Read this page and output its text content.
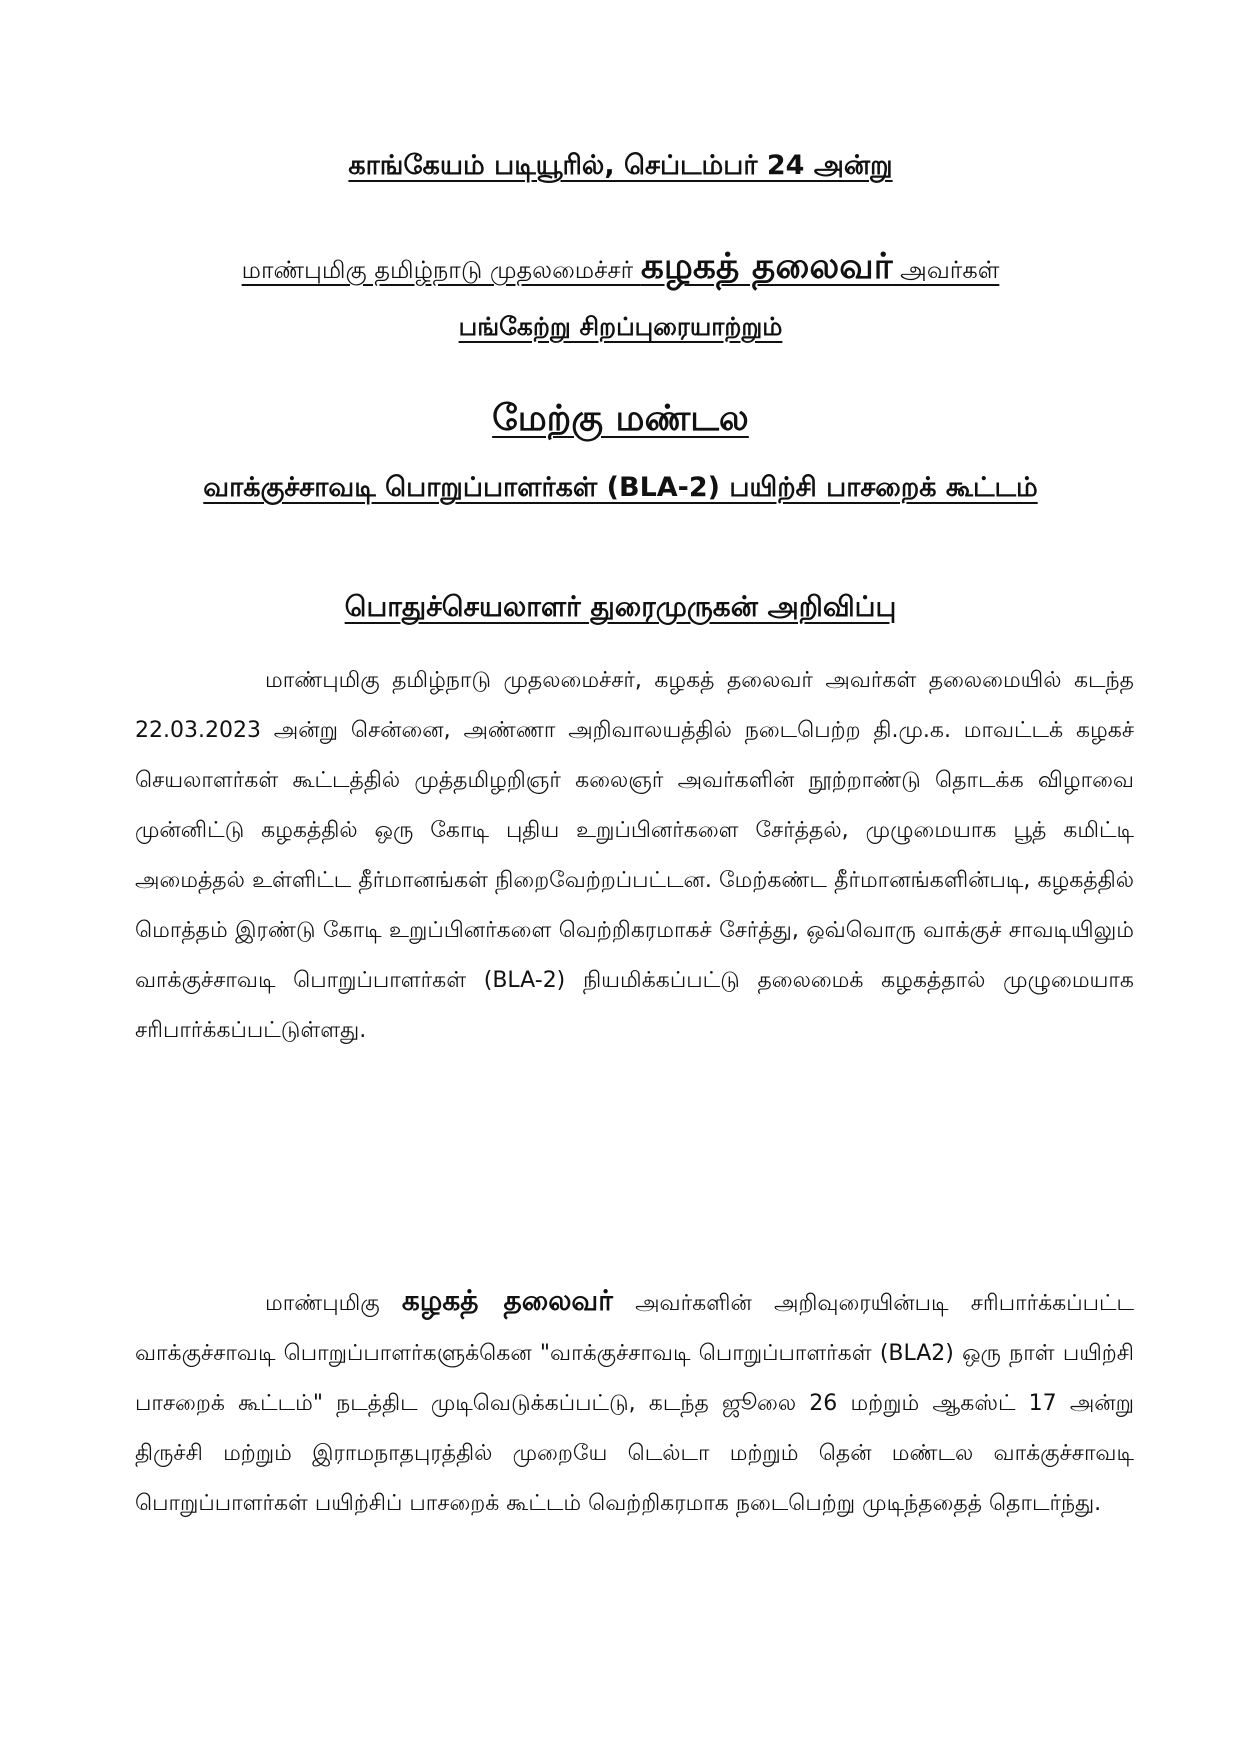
காங்கேயம் படியூரில், செப்டம்பர் 24 அன்று

மாண்புமிகு தமிழ்நாடு முதலமைச்சர் கழகத் தலைவர் அவர்கள்

பங்கேற்று சிறப்புரையாற்றும்

மேற்கு மண்டல

வாக்குச்சாவடி பொறுப்பாளர்கள் (BLA-2) பயிற்சி பாசறைக் கூட்டம்

பொதுச்செயலாளர் துரைமுருகன் அறிவிப்பு

மாண்புமிகு தமிழ்நாடு முதலமைச்சர், கழகத் தலைவர் அவர்கள் தலைமையில் கடந்த 22.03.2023 அன்று சென்னை, அண்ணா அறிவாலயத்தில் நடைபெற்ற தி.மு.க. மாவட்டக் கழகச் செயலாளர்கள் கூட்டத்தில் முத்தமிழறிஞர் கலைஞர் அவர்களின் நூற்றாண்டு தொடக்க விழாவை முன்னிட்டு கழகத்தில் ஒரு கோடி புதிய உறுப்பினர்களை சேர்த்தல், முழுமையாக பூத் கமிட்டி அமைத்தல் உள்ளிட்ட தீர்மானங்கள் நிறைவேற்றப்பட்டன. மேற்கண்ட தீர்மானங்களின்படி, கழகத்தில் மொத்தம் இரண்டு கோடி உறுப்பினர்களை வெற்றிகரமாகச் சேர்த்து, ஒவ்வொரு வாக்குச் சாவடியிலும் வாக்குச்சாவடி பொறுப்பாளர்கள் (BLA-2) நியமிக்கப்பட்டு தலைமைக் கழகத்தால் முழுமையாக சரிபார்க்கப்பட்டுள்ளது.

மாண்புமிகு கழகத் தலைவர் அவர்களின் அறிவுரையின்படி சரிபார்க்கப்பட்ட வாக்குச்சாவடி பொறுப்பாளர்களுக்கென "வாக்குச்சாவடி பொறுப்பாளர்கள் (BLA2) ஒரு நாள் பயிற்சி பாசறைக் கூட்டம்" நடத்திட முடிவெடுக்கப்பட்டு, கடந்த ஜூலை 26 மற்றும் ஆகஸ்ட் 17 அன்று திருச்சி மற்றும் இராமநாதபுரத்தில் முறையே டெல்டா மற்றும் தென் மண்டல வாக்குச்சாவடி பொறுப்பாளர்கள் பயிற்சிப் பாசறைக் கூட்டம் வெற்றிகரமாக நடைபெற்று முடிந்ததைத் தொடர்ந்து.
